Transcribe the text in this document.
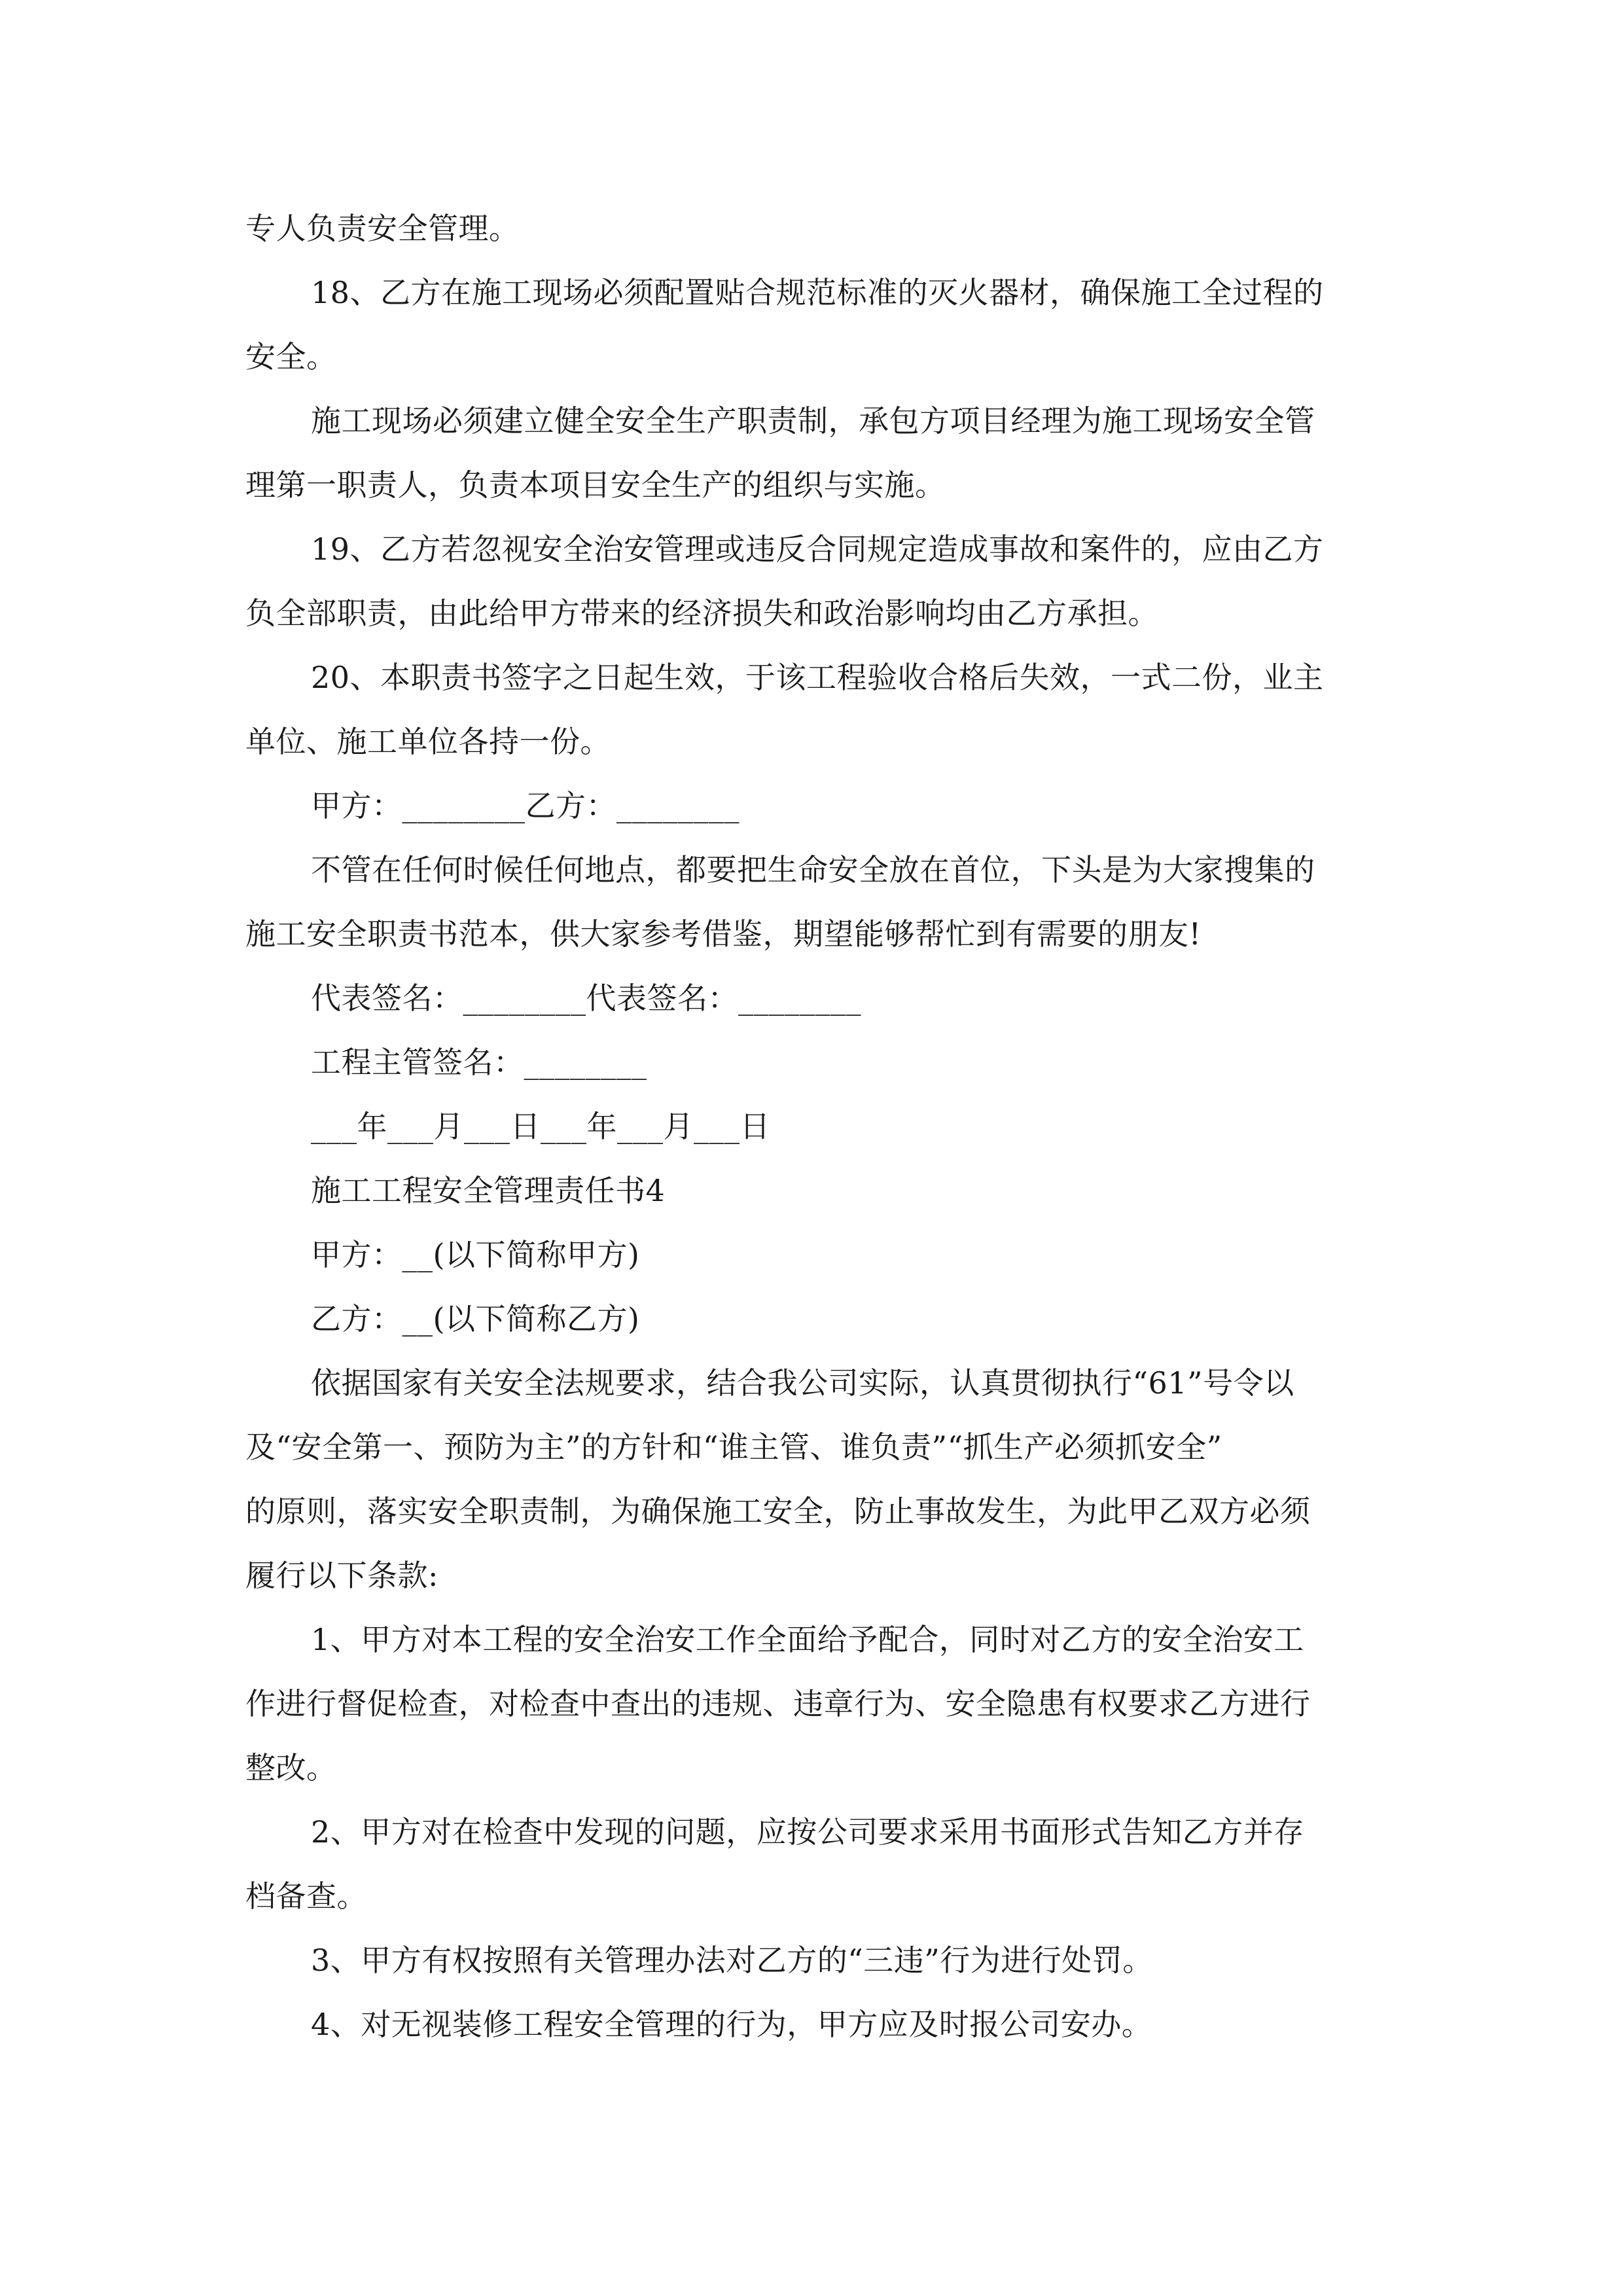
专人负责安全管理。
18、乙方在施工现场必须配置贴合规范标准的灭火器材，确保施工全过程的
安全。
施工现场必须建立健全安全生产职责制，承包方项目经理为施工现场安全管
理第一职责人，负责本项目安全生产的组织与实施。
19、乙方若忽视安全治安管理或违反合同规定造成事故和案件的，应由乙方
负全部职责，由此给甲方带来的经济损失和政治影响均由乙方承担。
20、本职责书签字之日起生效，于该工程验收合格后失效，一式二份，业主
单位、施工单位各持一份。
甲方：________乙方：________
不管在任何时候任何地点，都要把生命安全放在首位，下头是为大家搜集的
施工安全职责书范本，供大家参考借鉴，期望能够帮忙到有需要的朋友!
代表签名：________代表签名：________
工程主管签名：________
___年___月___日___年___月___日
施工工程安全管理责任书4
甲方：__(以下简称甲方)
乙方：__(以下简称乙方)
依据国家有关安全法规要求，结合我公司实际，认真贯彻执行“61”号令以
及“安全第一、预防为主”的方针和“谁主管、谁负责”“抓生产必须抓安全”
的原则，落实安全职责制，为确保施工安全，防止事故发生，为此甲乙双方必须
履行以下条款:
1、甲方对本工程的安全治安工作全面给予配合，同时对乙方的安全治安工
作进行督促检查，对检查中查出的违规、违章行为、安全隐患有权要求乙方进行
整改。
2、甲方对在检查中发现的问题，应按公司要求采用书面形式告知乙方并存
档备查。
3、甲方有权按照有关管理办法对乙方的“三违”行为进行处罚。
4、对无视装修工程安全管理的行为，甲方应及时报公司安办。
